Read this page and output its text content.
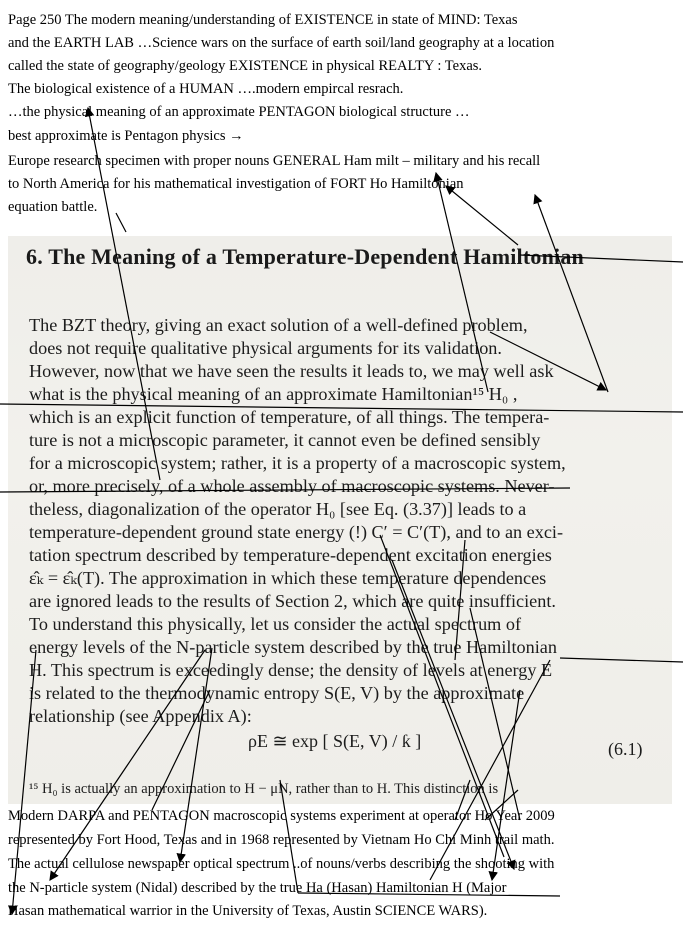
Page 250 The modern meaning/understanding of EXISTENCE in state of MIND: Texas
and the EARTH LAB …Science wars on the surface of earth soil/land geography at a location
called the state of geography/geology EXISTENCE in physical REALTY : Texas.
The biological existence of a HUMAN ….modern empircal resrach.
…the physical meaning of an approximate PENTAGON biological structure …
best approximate is Pentagon physics →
Europe research specimen with proper nouns GENERAL Ham milt – military and his recall
to North America for his mathematical investigation of FORT Ho Hamiltonian
equation battle.
6. The Meaning of a Temperature-Dependent Hamiltonian
The BZT theory, giving an exact solution of a well-defined problem,
does not require qualitative physical arguments for its validation.
However, now that we have seen the results it leads to, we may well ask
what is the physical meaning of an approximate Hamiltonian¹⁵ H₀ ,
which is an explicit function of temperature, of all things. The tempera-
ture is not a microscopic parameter, it cannot even be defined sensibly
for a microscopic system; rather, it is a property of a macroscopic system,
or, more precisely, of a whole assembly of macroscopic systems. Never-
theless, diagonalization of the operator H₀ [see Eq. (3.37)] leads to a
temperature-dependent ground state energy (!) C′ = C′(T), and to an exci-
tation spectrum described by temperature-dependent excitation energies
ε̂ₖ = ε̂ₖ(T). The approximation in which these temperature dependences
are ignored leads to the results of Section 2, which are quite insufficient.
To understand this physically, let us consider the actual spectrum of
energy levels of the N-particle system described by the true Hamiltonian
H. This spectrum is exceedingly dense; the density of levels at energy E
is related to the thermodynamic entropy S(E, V) by the approximate
relationship (see Appendix A):
ρE ≅ exp [ S(E, V) / ƙ ]	(6.1)
¹⁵ H₀ is actually an approximation to H − μN, rather than to H. This distinction is
Modern DARPA and PENTAGON macroscopic systems experiment at operator Ho Year 2009
represented by Fort Hood, Texas and in 1968 represented by Vietnam Ho Chi Minh trail math.
The actual cellulose newspaper optical spectrum ..of nouns/verbs describing the shooting with
the N-particle system (Nidal) described by the true Ha (Hasan) Hamiltonian H (Major
Hasan mathematical warrior in the University of Texas, Austin SCIENCE WARS).
